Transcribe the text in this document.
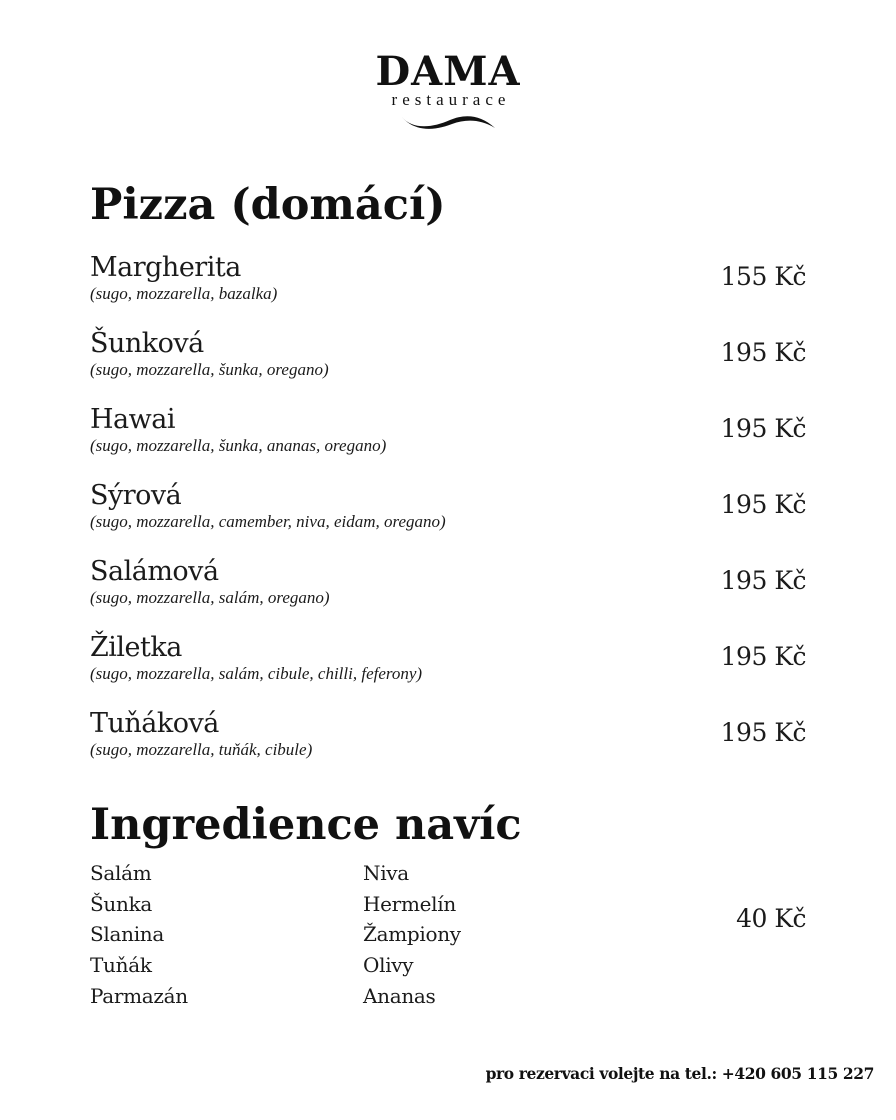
DAMA
restaurace
Pizza (domácí)
Margherita
(sugo, mozzarella, bazalka)
155 Kč
Šunková
(sugo, mozzarella, šunka, oregano)
195 Kč
Hawai
(sugo, mozzarella, šunka, ananas, oregano)
195 Kč
Sýrová
(sugo, mozzarella, camember, niva, eidam, oregano)
195 Kč
Salámová
(sugo, mozzarella, salám, oregano)
195 Kč
Žiletka
(sugo, mozzarella, salám, cibule, chilli, feferony)
195 Kč
Tuňáková
(sugo, mozzarella, tuňák, cibule)
195 Kč
Ingredience navíc
Salám
Šunka
Slanina
Tuňák
Parmazán
Niva
Hermelín
Žampiony
Olivy
Ananas
40 Kč
pro rezervaci volejte na tel.: +420 605 115 227
